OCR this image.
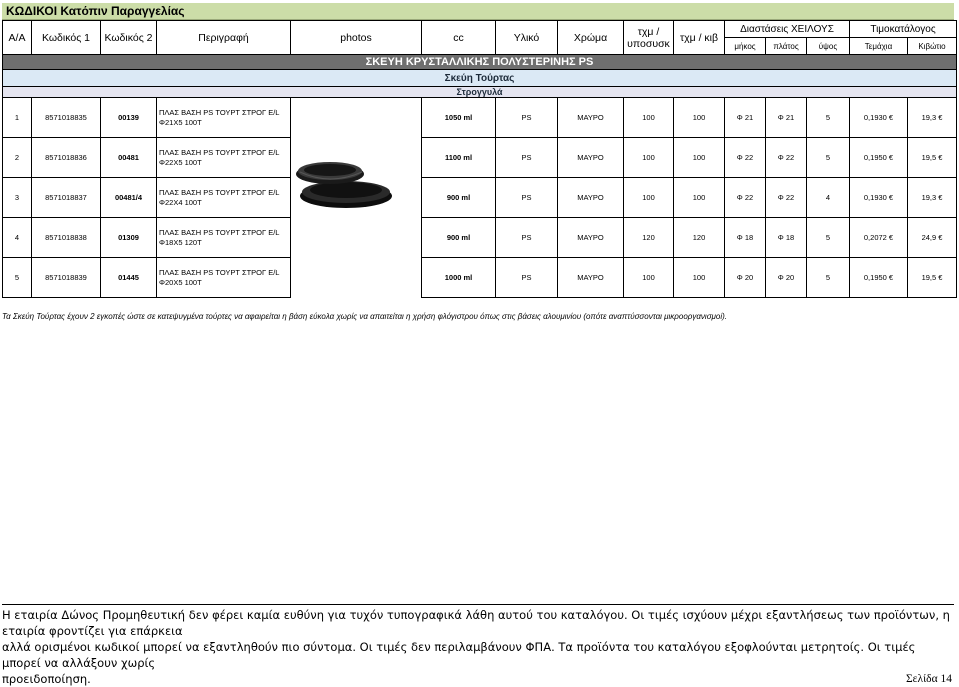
ΚΩΔΙΚΟΙ Κατόπιν Παραγγελίας
Α/Α	Κωδικός 1	Κωδικός 2	Περιγραφή	photos	cc	Υλικό	Χρώμα	τχμ / υποσυσκ	τχμ / κιβ	Διαστάσεις ΧΕΙΛΟΥΣ			Τιμοκατάλογος	
										μήκος	πλάτος	ύψος	Τεμάχια	Κιβώτιο
ΣΚΕΥΗ ΚΡΥΣΤΑΛΛΙΚΗΣ ΠΟΛΥΣΤΕΡΙΝΗΣ PS														
Σκεύη Τούρτας														
Στρογγυλά														
1	8571018835	00139	ΠΛΑΣ ΒΑΣΗ PS ΤΟΥΡΤ ΣΤΡΟΓ E/L Φ21Χ5 100Τ		1050 ml	PS	ΜΑΥΡΟ	100	100	Φ 21	Φ 21	5	0,1930 €	19,3 €
2	8571018836	00481	ΠΛΑΣ ΒΑΣΗ PS ΤΟΥΡΤ ΣΤΡΟΓ E/L Φ22Χ5 100Τ		1100 ml	PS	ΜΑΥΡΟ	100	100	Φ 22	Φ 22	5	0,1950 €	19,5 €
3	8571018837	00481/4	ΠΛΑΣ ΒΑΣΗ PS ΤΟΥΡΤ ΣΤΡΟΓ E/L Φ22Χ4 100Τ		900 ml	PS	ΜΑΥΡΟ	100	100	Φ 22	Φ 22	4	0,1930 €	19,3 €
4	8571018838	01309	ΠΛΑΣ ΒΑΣΗ PS ΤΟΥΡΤ ΣΤΡΟΓ E/L Φ18Χ5 120Τ		900 ml	PS	ΜΑΥΡΟ	120	120	Φ 18	Φ 18	5	0,2072 €	24,9 €
5	8571018839	01445	ΠΛΑΣ ΒΑΣΗ PS ΤΟΥΡΤ ΣΤΡΟΓ E/L Φ20Χ5 100Τ		1000 ml	PS	ΜΑΥΡΟ	100	100	Φ 20	Φ 20	5	0,1950 €	19,5 €
Τα Σκεύη Τούρτας έχουν 2 εγκοπές ώστε σε κατεψυγμένα τούρτες να αφαιρείται η βάση εύκολα χωρίς να απαιτείται η χρήση φλόγιστρου όπως στις βάσεις αλουμινίου (οπότε αναπτύσσονται μικροοργανισμοί).
Η εταιρία Δώνος Προμηθευτική δεν φέρει καμία ευθύνη για τυχόν τυπογραφικά λάθη αυτού του καταλόγου. Οι τιμές ισχύουν μέχρι εξαντλήσεως των προϊόντων, η εταιρία φροντίζει για επάρκεια
αλλά ορισμένοι κωδικοί μπορεί να εξαντληθούν πιο σύντομα. Οι τιμές δεν περιλαμβάνουν ΦΠΑ. Τα προϊόντα του καταλόγου εξοφλούνται μετρητοίς. Οι τιμές μπορεί να αλλάξουν χωρίς
προειδοποίηση.	Σελίδα 14
